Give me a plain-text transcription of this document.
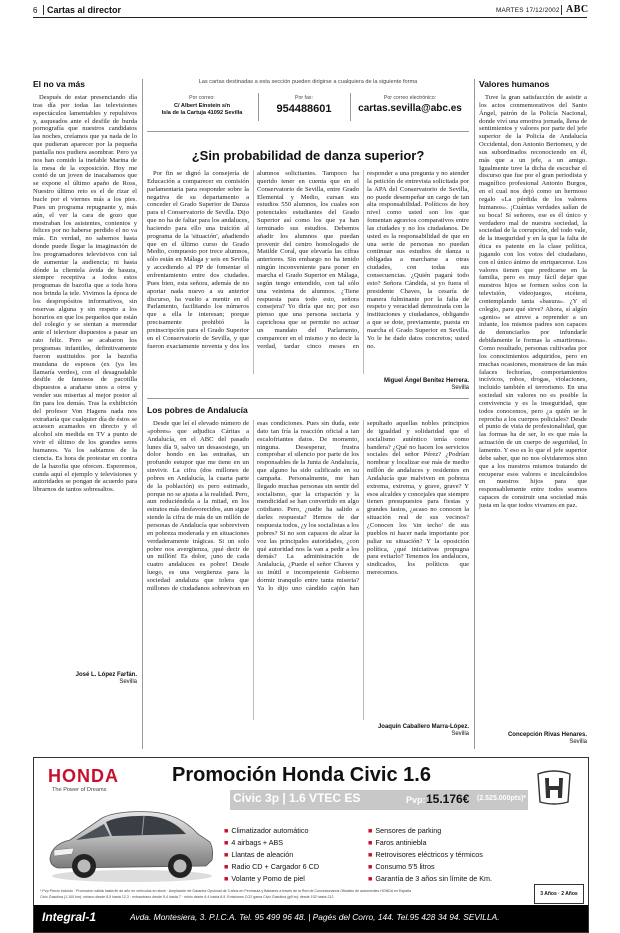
6 Cartas al director	MARTES 17/12/2002 ABC
El no va más

Después de estar presenciando día tras día por todas las televisiones espectáculos lamentables y repulsivos y, asqueados ante el desfile de burda pornografía que nuestros candidatos las noches, creíamos que ya nada de lo que pudieran aparecer por la pequeña pantalla nos pudiera asombrar. Pero ya nos han comido la inefable Marina de la mesa de la exposición. Hoy me contó de un joven de inacabamos que se expone el último apaño de Ross, Nuestro último reto es el de rizar el bucle por el viernes más a los pies. Pues un programa repugnante y, más aún, el ver la cara de gozo que mostraban los asistentes, contentos y felices por no haberse perdido el no va más. En verdad, no sabemos hasta donde puede llegar la imaginación de los programadores televisivos con tal de aumentar la audiencia; ni hasta dónde la clientela ávida de basura, siempre receptiva a todos estos programas de bazofia que a toda hora nos brinda la tele. Vivimos la época de los despropósitos informativos, sin reservas alguna y sin respeto a los horarios en que los pequeños que están del colegio y se sientan a merendar ante el televisor dispuestos a pasar un rato feliz. Pero se acabaron los programas infantiles, definitivamente fueron sustituidos por la bazofia mundana de esposos (ex (ya les llamaría verdes), con el desagradable desfile de famosos de pacotilla dispuestos a arañarse unos a otros y vender sus miserias al mejor postor al fin para los demás. Tras la exhibición del profesor Von Hagens nada nos extrañaría que cualquier día de éstos se acuesen acamados en directo y el alcohol sin medida en TV a punto de vivir el último de los grandes seres humanos. Ya los sabíamos de la ciencia. Es hora de protestar en contra de la bazofia que ofrecen. Esperemos, cunda aquí el ejemplo y televisiones y autoridades se pongan de acuerdo para librarnos de tantos sobresaltos.

José L. López Farfán.
Sevilla
Las cartas destinadas a esta sección pueden dirigirse a cualquiera de la siguiente forma
Por correo:
C/ Albert Einstein s/n
Isla de la Cartuja 41092 Sevilla
Por fax:
954488601
Por correo electrónico:
cartas.sevilla@abc.es
¿Sin probabilidad de danza superior?

Por fin se dignó la consejería de Educación a comparecer en comisión parlamentaria para responder sobre la negativa de su departamento a conceder el Grado Superior de Danza para el Conservatorio de Sevilla. Dijo que no ha de faltar para los andaluces, haciendo para ello una traición al programa de la 'situación', añadiendo que en el último curso de Grado Medio, compuesto por trece alumnos, sólo están en Málaga y seis en Sevilla y accediendo al PP de fomentar el enfrentamiento entre dos ciudades. Pues bien, esta señora, además de no aportar nada nuevo a su anterior discurso, ha vuelto a mentir en el Parlamento, facilitando los números que a ella le interesan; porque precisamente prohibió la preinscripción para el Grado Superior en el Conservatorio de Sevilla, y que fueron exactamente noventa y dos los alumnos solicitantes. Tampoco ha querido tener en cuenta que en el Conservatorio de Sevilla, entre Grado Elemental y Medio, cursan sus estudios 550 alumnos, los cuales son potenciales estudiantes del Grado Superior así como los que ya han terminado sus estudios. Debemos añadir los alumnos que puedan provenir del centro homologado de Matilde Coral, que elevaría las cifras anteriores. Sin embargo no ha tenido ningún inconveniente para poner en marcha el Grado Superior en Málaga, según tengo entendido, con tal sólo una veintena de alumnos. ¿Tiene respuesta para todo esto, señora consejera? Yo diría que no; por eso pienso que una persona sectaria y caprichosa que se permite no actuar un mandato del Parlamento, comparecer en el mismo y no decir la verdad, tardar cinco meses en responder a una pregunta y no atender la petición de entrevista solicitada por la APA del Conservatorio de Sevilla, no puede desempeñar un cargo de tan alta responsabilidad. Políticos de hoy nivel como usted son los que fomentan agravios comparativos entre las ciudades y no los ciudadanos. De usted es la responsabilidad de que en una serie de personas no puedan continuar sus estudios de danza u obligadas a marcharse a otras ciudades, con todas sus consecuencias. ¿Quién pagará todo esto? Señora Cándida, si yo fuera el presidente Chaves, la cesaría de manera fulminante por la falta de respeto y veracidad demostrada con la instituciones y ciudadanos, obligando a que se dote, previamente, puesta en marcha el Grado Superior en Sevilla. Yo le he dado datos concretos; usted no.

Miguel Ángel Benítez Herrera.
Sevilla
Los pobres de Andalucía

Desde que leí el elevado número de «pobres» que adjudica Cáritas a Andalucía, en el ABC del pasado lunes día 9, salvo un desasosiego, un dolor hondo en las entrañas, un profundo estupor que me tiene en un sinvivir. La cifra (dos millones de pobres en Andalucía, la cuarta parte de la población) es pero estimado, porque no se ajusta a la realidad. Pero, aun reduciéndola a la mitad, en los estratos más desfavorecidos, aun sigue siendo la cifra de más de un millón de personas de Andalucía que sobreviven en pobreza moderada y en situaciones verdaderamente trágicas. Si un solo pobre nos avergüenza, ¡qué decir de un millón! Es dolor, ¡uno de cada cuatro andaluces es pobre! Desde luego, es una vergüenza para la sociedad andaluza que tolera que millones de ciudadanos sobrevivan en esas condiciones. Pues sin duda, este dato tan fría la reacción oficial a tan escalofriantes datos. De momento, ninguna. Desesperar, frustra comprobar el silencio por parte de los responsables de la Junta de Andalucía, que alguno ha sido calificado en su campaña. Personalmente, me han llegado muchas personas sin sentir del socialismo, que la crispación y la mendicidad se han convertido en algo cotidiano. Pero, ¿nadie ha salido a darles respuesta? Hemos de dar respuesta todos, ¿y los socialistas a los pobres? Si no son capaces de alzar la voz las principales autoridades, ¿con qué autoridad nos la van a pedir a los demás? La administración de Andalucía, ¿Puede el señor Chaves y su inútil e incompetente Gobierno dormir tranquilo entre tanta miseria? Ya lo dijo uno cándido cajón han sepultado aquellas nobles principios de igualdad y solidaridad que el socialismo auténtico tenía como bandera? ¿Qué no hacen los servicios sociales del señor Pérez? ¿Podrían nombrar y localizar ese más de medio millón de andaluces y residentes en Andalucía que malviven en pobreza extrema, extrema, y grave, grave? Y esos alcaldes y concejales que siempre tienen presupuestos para fiestas y grandes fastos, ¿acaso no conocen la situación real de sus vecinos? ¿Conocen los 'sin techo' de sus pueblos ni hacer nada importante por paliar su situación? Y la oposición política, ¿qué iniciativas propugna para evitarlo? Tenemos los andaluces, sindicados, los políticos que merecemos.

Joaquín Caballero Marra-López.
Sevilla
Valores humanos

Tuve la gran satisfacción de asistir a los actos conmemorativos del Santo Ángel, patrón de la Policía Nacional, donde viví una emotiva jornada, llena de sentimientos y valores por parte del jefe superior de la Policía de Andalucía Occidental, don Antonio Bertomeu, y de sus subordinados reconociendo en él, más que a un jefe, a un amigo. Igualmente tuve la dicha de escuchar el discurso que fue por el gran periodista y magnífico profesional Antonio Burgos, en el cual nos dejó como un hermoso regalo «La pérdida de los valores humanos». ¡Cuántas verdades salían de su boca! Sí señores, ese es él único y verdadero mal de nuestra sociedad, la sociedad de la corrupción, del todo vale, de la inseguridad y en la que la falta de ética es patente en la clase política, jugando con los votos del ciudadano, con el único ánimo de enriquecerse. Los valores tienen que predicarse en la familia, pero es muy fácil dejar que nuestros hijos se formen solos con la televisión, videojuegos, etcétera, contemplando tanta «basura». ¿Y el colegio, para qué sirve? Ahora, sí algún «genio» se atreve a reprender a un infante, los mismos padres son capaces de denunciarlos por infundarle debidamente le formas la «martirona». Como resultado, personas cultivadas por los conocimientos adquiridos, pero en muchas ocasiones, monstruos de las más falaces fechorías, comportamientos incívicos, robos, drogas, violaciones, incluido también el terrorismo. En una sociedad sin valores no es posible la convivencia y es la inseguridad, que todos conocemos, pero ¿a quién se le reprocha a los cuerpos policiales? Desde el punto de vista de profesionalidad, que las formas ha de ser, lo es que más la actuación de un cuerpo de seguridad, lo lamento. Y eso es lo que el jefe superior debe saber, que no nos olvidaremos sino que a los nuestros mismos tratando de recuperar esos valores e inculcándolos en nuestros hijos para que responsablemente entre todos seamos capaces de construir una sociedad más justa en la que todos vivamos en paz.

Concepción Rivas Henares.
Sevilla
HONDA
The Power of Dreams
Promoción Honda Civic 1.6
Civic 3p | 1.6 VTEC ES	Pvp: 15.176€ (2.525.000pts)*
■ Climatizador automático
■ 4 airbags + ABS
■ Llantas de aleación
■ Radio CD + Cargador 6 CD
■ Volante y Pomo de piel
■ Sensores de parking
■ Faros antiniebla
■ Retrovisores eléctricos y térmicos
■ Consumo 5'5 litros
■ Garantía de 3 años sin límite de Km.
* Pvp Precio incluido · Promoción válida hasta fin de año en vehículos en stock · Ampliación de Garantía Opcional de 3 años en Península y Baleares a través de la Red de Concesionarios Oficiales de automóviles HONDA en España
Civic Gasolina (1.100 km): urbano desde 8,5 hasta 12,3 · extraurbano desde 5,4 hasta 7 · mixto desde 6,4 hasta 8,9. Emisiones CO2 gama Civic Gasolina (g/Km): desde 152 hasta 212	3 Años · 2 Años
Integral-1	Avda. Montesiera, 3. P.I.C.A. Tel. 95 499 96 48. | Pagés del Corro, 144. Tel.95 428 34 94. SEVILLA.
